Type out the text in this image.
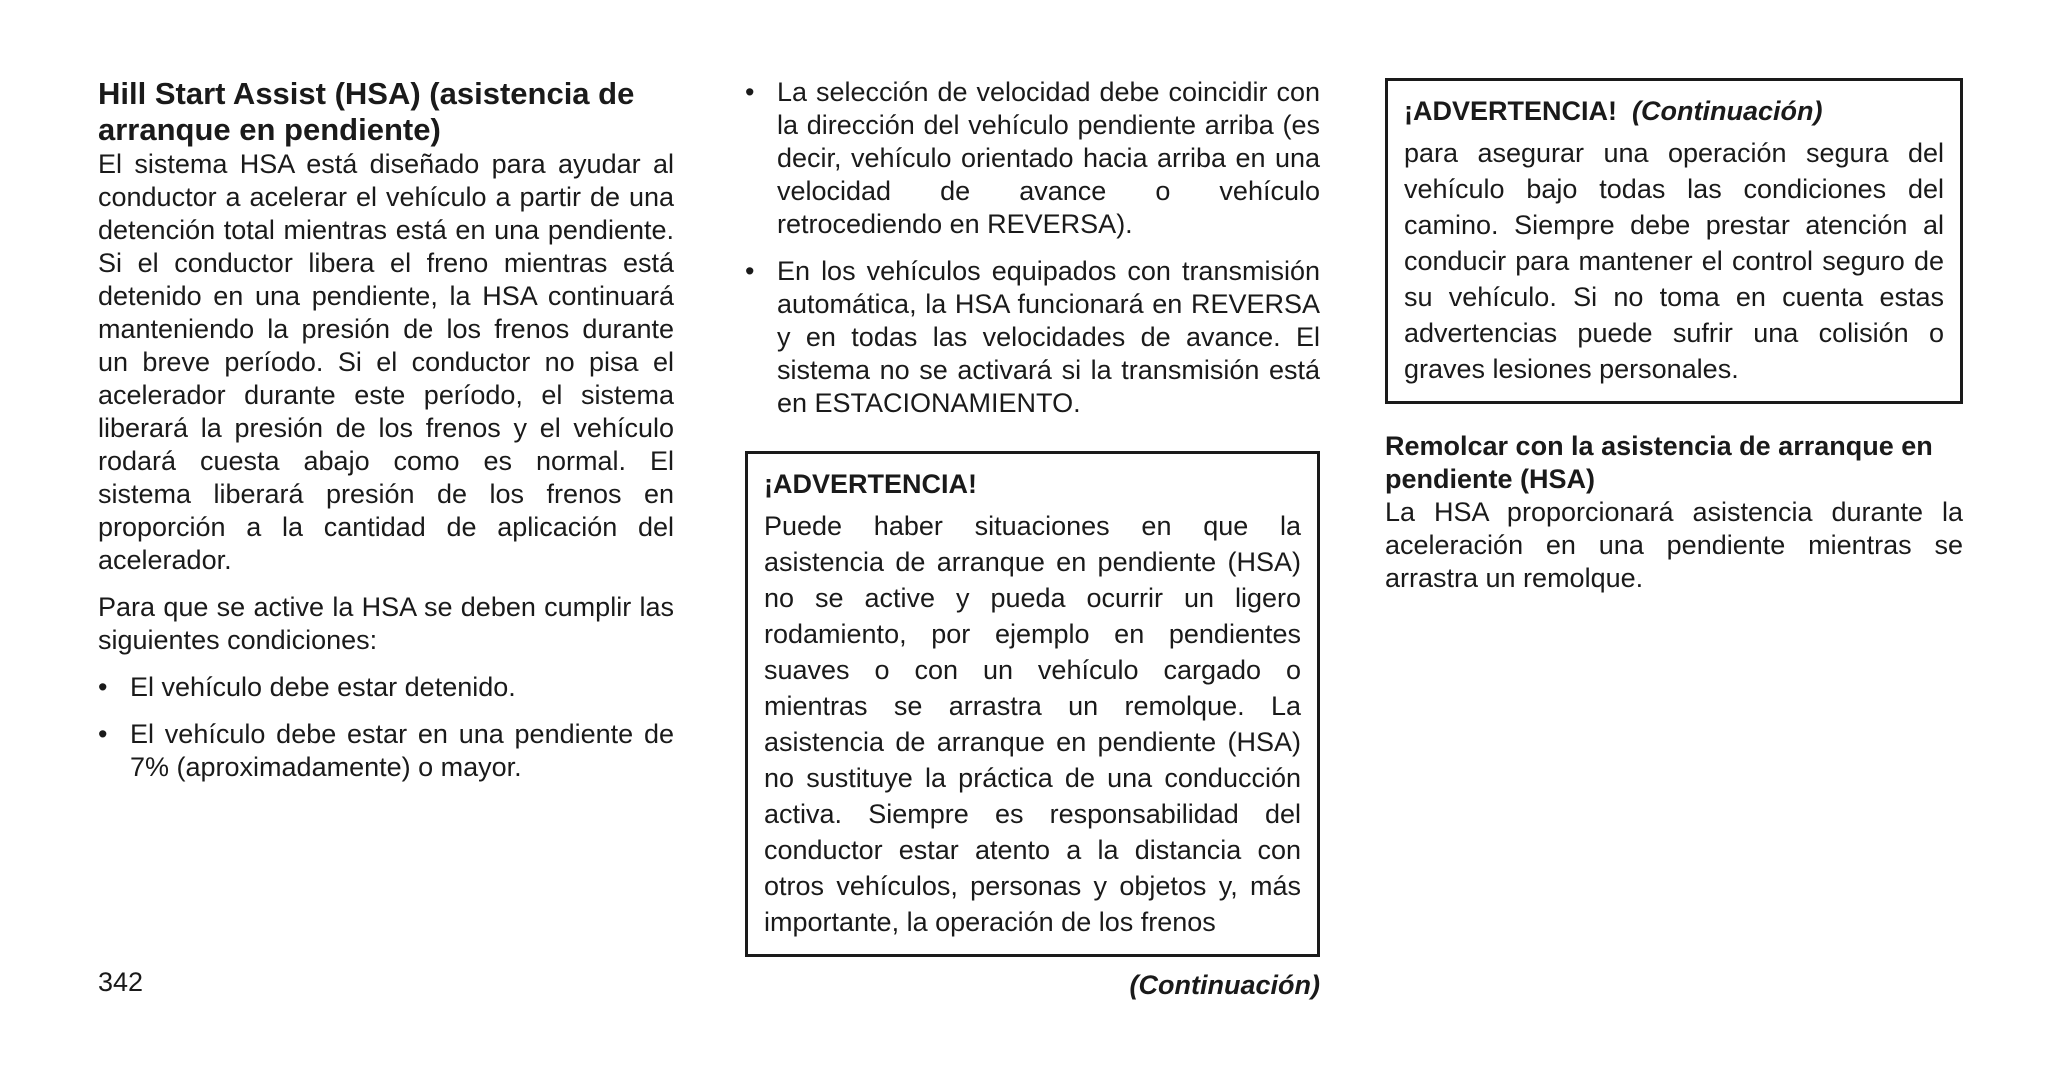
Hill Start Assist (HSA) (asistencia de arranque en pendiente)

El sistema HSA está diseñado para ayudar al conductor a acelerar el vehículo a partir de una detención total mientras está en una pendiente. Si el conductor libera el freno mientras está detenido en una pendiente, la HSA continuará manteniendo la presión de los frenos durante un breve período. Si el conductor no pisa el acelerador durante este período, el sistema liberará la presión de los frenos y el vehículo rodará cuesta abajo como es normal. El sistema liberará presión de los frenos en proporción a la cantidad de aplicación del acelerador.

Para que se active la HSA se deben cumplir las siguientes condiciones:

• El vehículo debe estar detenido.
• El vehículo debe estar en una pendiente de 7% (aproximadamente) o mayor.
• La selección de velocidad debe coincidir con la dirección del vehículo pendiente arriba (es decir, vehículo orientado hacia arriba en una velocidad de avance o vehículo retrocediendo en REVERSA).
• En los vehículos equipados con transmisión automática, la HSA funcionará en REVERSA y en todas las velocidades de avance. El sistema no se activará si la transmisión está en ESTACIONAMIENTO.
¡ADVERTENCIA!

Puede haber situaciones en que la asistencia de arranque en pendiente (HSA) no se active y pueda ocurrir un ligero rodamiento, por ejemplo en pendientes suaves o con un vehículo cargado o mientras se arrastra un remolque. La asistencia de arranque en pendiente (HSA) no sustituye la práctica de una conducción activa. Siempre es responsabilidad del conductor estar atento a la distancia con otros vehículos, personas y objetos y, más importante, la operación de los frenos

(Continuación)
¡ADVERTENCIA! (Continuación)

para asegurar una operación segura del vehículo bajo todas las condiciones del camino. Siempre debe prestar atención al conducir para mantener el control seguro de su vehículo. Si no toma en cuenta estas advertencias puede sufrir una colisión o graves lesiones personales.

Remolcar con la asistencia de arranque en pendiente (HSA)

La HSA proporcionará asistencia durante la aceleración en una pendiente mientras se arrastra un remolque.

342
